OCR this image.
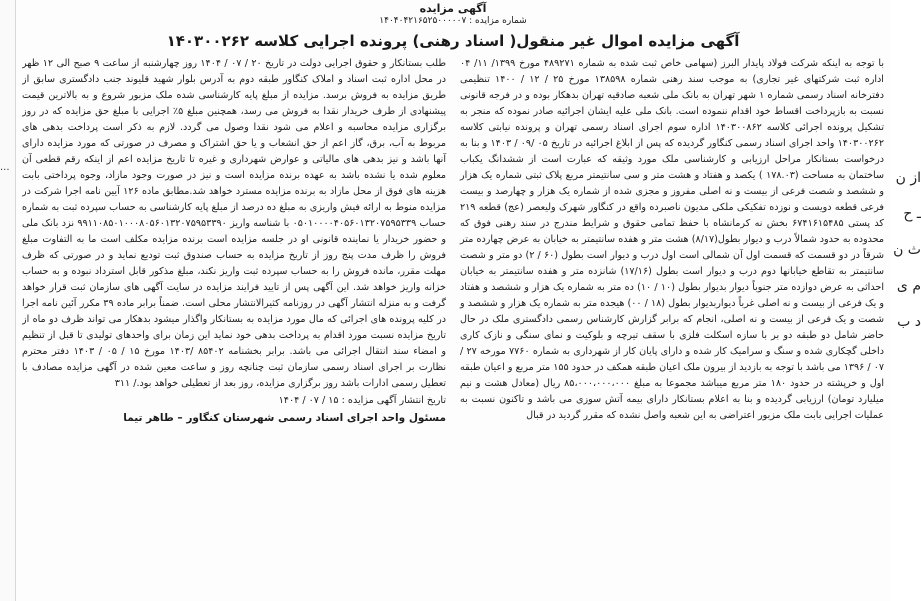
آگهی مزایده
شماره مزایده : ۱۴۰۴۰۴۲۱۶۵۲۵۰۰۰۰۰۷
آگهی مزایده اموال غیر منقول( اسناد رهنی) پرونده اجرایی کلاسه ۱۴۰۳۰۰۲۶۲

با توجه به اینکه شرکت فولاد پایدار البرز (سهامی خاص ثبت شده به شماره ۴۸۹۲۷۱ مورخ ۱۳۹۹/ ۱۱/ ۰۴ اداره ثبت شرکتهای غیر تجاری) به موجب سند رهنی شماره ۱۳۸۵۹۸ مورخ ۲۵ / ۱۲ / ۱۴۰۰ تنظیمی دفترخانه اسناد رسمی شماره ۱ شهر تهران به بانک ملی شعبه صادقیه تهران بدهکار بوده و در فرجه قانونی نسبت به بازپرداخت اقساط خود اقدام ننموده است. بانک ملی علیه ایشان اجرائیه صادر نموده که منجر به تشکیل پرونده اجرائی کلاسه ۱۴۰۳۰۰۸۶۲ اداره سوم اجرای اسناد رسمی تهران و پرونده نیابتی کلاسه ۱۴۰۳۰۰۲۶۲ واحد اجرای اسناد رسمی کنگاور گردیده که پس از ابلاغ اجرائیه در تاریخ ۰۵ /۰۹ / ۱۴۰۳ و بنا به درخواست بستانکار مراحل ارزیابی و کارشناسی ملک مورد وثیقه که عبارت است از ششدانگ یکباب ساختمان به مساحت (۱۷۸.۰۳ ) یکصد و هفتاد و هشت متر و سی سانتیمتر مربع پلاک ثبتی شماره یک هزار و ششصد و شصت فرعی از بیست و نه اصلی مفروز و مجزی شده از شماره یک هزار و چهارصد و بیست فرعی قطعه دویست و نوزده تفکیکی ملکی مدیون ناصبرده واقع در کنگاور شهرک ولیعصر (عج) قطعه ۲۱۹ کد پستی ۶۷۴۱۶۱۵۴۸۵ بخش نه کرمانشاه با حفظ تمامی حقوق و شرایط مندرج در سند رهنی فوق که محدوده به حدود شمالاً درب و دیوار بطول(۸/۱۷) هشت متر و هفده سانتیمتر به خیابان به عرض چهارده متر شرقاً در دو قسمت که قسمت اول آن شمالی است اول درب و دیوار است بطول (۶۰ / ۲) دو متر و شصت سانتیمتر به تقاطع خیابانها دوم درب و دیوار است بطول (۱۷/۱۶) شانزده متر و هفده سانتیمتر به خیابان احداثی به عرض دوازده متر جنوباً دیوار بدیوار بطول (۱۰ / ۱۰) ده متر به شماره یک هزار و ششصد و هفتاد و یک فرعی از بیست و نه اصلی غرباً دیواربدیوار بطول (۱۸ / ۰۰) هیجده متر به شماره یک هزار و ششصد و شصت و یک فرعی از بیست و نه اصلی، انجام که برابر گزارش کارشناس رسمی دادگستری ملک در حال حاضر شامل دو طبقه دو بر با سازه اسکلت فلزی با سقف تیرچه و بلوکیت و نمای سنگی و نازک کاری داخلی گچکاری شده و سنگ و سرامیک کار شده و دارای پایان کار از شهرداری به شماره ۷۷۶۰ مورخه ۲۷ / ۰۷ / ۱۳۹۶ می باشد با توجه به بازدید از بیرون ملک اعیان طبقه همکف در حدود ۱۵۵ متر مربع و اعیان طبقه اول و خرپشته در حدود ۱۸۰ متر مربع میباشد مجموعا به مبلغ ۸۵،۰۰۰،۰۰۰،۰۰۰ ریال (معادل هشت و نیم میلیارد تومان) ارزیابی گردیده و بنا به اعلام بستانکار دارای بیمه آتش سوزی می باشد و تاکنون نسبت به عملیات اجرایی بابت ملک مزبور اعتراضی به این شعبه واصل نشده که مقرر گردید در قبال

طلب بستانکار و حقوق اجرایی دولت در تاریخ ۲۰ / ۰۷ / ۱۴۰۴ روز چهارشنبه از ساعت ۹ صبح الی ۱۲ ظهر در محل اداره ثبت اسناد و املاک کنگاور طبقه دوم به آدرس بلوار شهید قلیوند جنب دادگستری سابق از طریق مزایده به فروش برسد. مزایده از مبلغ پایه کارشناسی شده ملک مزبور شروع و به بالاترین قیمت پیشنهادی از طرف خریدار نقدا به فروش می رسد، همچنین مبلغ ۵٪ اجرایی با مبلغ حق مزایده که در روز برگزاری مزایده محاسبه و اعلام می شود نقدا وصول می گردد. لازم به ذکر است پرداخت بدهی های مربوط به آب، برق، گاز اعم از حق انشعاب و یا حق اشتراک و مصرف در صورتی که مورد مزایده دارای آنها باشد و نیز بدهی های مالیاتی و عوارض شهرداری و غیره تا تاریخ مزایده اعم از اینکه رقم قطعی آن معلوم شده یا نشده باشد به عهده برنده مزایده است و نیز در صورت وجود مازاد، وجوه پرداختی بابت هزینه های فوق از محل مازاد به برنده مزایده مسترد خواهد شد.مطابق ماده ۱۲۶ آیین نامه اجرا شرکت در مزایده منوط به ارائه فیش واریزی به مبلغ ده درصد از مبلغ پایه کارشناسی به حساب سپرده ثبت به شماره حساب ۰۵۰۱۰۰۰۰۴۰۵۶۰۱۳۲۰۷۵۹۵۳۳۹ با شناسه واریز ۹۹۱۱۰۸۵۰۱۰۰۰۸۰۵۶۰۱۳۲۰۷۵۹۵۳۳۹۰ نزد بانک ملی و حضور خریدار یا نماینده قانونی او در جلسه مزایده است برنده مزایده مکلف است ما به التفاوت مبلغ فروش را ظرف مدت پنج روز از تاریخ مزایده به حساب صندوق ثبت تودیع نماید و در صورتی که ظرف مهلت مقرر، مانده فروش را به حساب سپرده ثبت واریز نکند، مبلغ مذکور قابل استرداد نبوده و به حساب خزانه واریز خواهد شد. این آگهی پس از تایید فرایند مزایده در سایت آگهی های سازمان ثبت قرار خواهد گرفت و به منزله انتشار آگهی در روزنامه کثیرالانتشار محلی است. ضمناً برابر ماده ۳۹ مکرر آئین نامه اجرا در کلیه پرونده های اجرائی که مال مورد مزایده به بستانکار واگذار میشود بدهکار می تواند ظرف دو ماه از تاریخ مزایده نسبت مورد اقدام به پرداخت بدهی خود نماید این زمان برای واحدهای تولیدی تا قبل از تنظیم و امضاء سند انتقال اجرائی می باشد. برابر بخشنامه ۸۵۴۰۲ /۱۴۰۳ مورخ ۱۵ / ۰۵ / ۱۴۰۳ دفتر محترم نظارت بر اجرای اسناد رسمی سازمان ثبت چنانچه روز و ساعت معین شده در آگهی مزایده مصادف با تعطیل رسمی ادارات باشد روز برگزاری مزایده، روز بعد از تعطیلی خواهد بود./ ۳۱۱

تاریخ انتشار آگهی مزایده : ۱۵ / ۰۷ / ۱۴۰۴
مسئول واحد اجرای اسناد رسمی شهرستان کنگاور – طاهر تیما
از ن ـ ح ث ن م ی د ب
...
